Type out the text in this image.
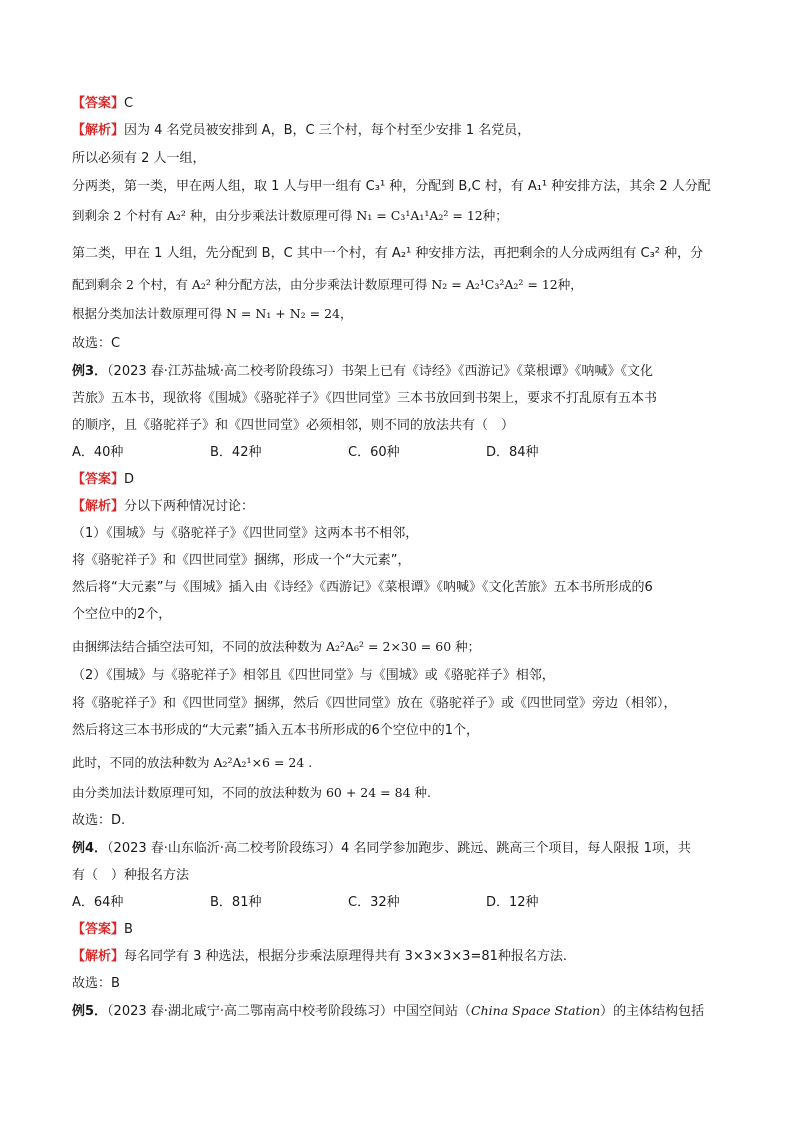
【答案】C
【解析】因为 4 名党员被安排到 A，B，C 三个村，每个村至少安排 1 名党员，
所以必须有 2 人一组，
分两类，第一类，甲在两人组，取 1 人与甲一组有 C₃¹ 种，分配到 B,C 村，有 A₁¹ 种安排方法，其余 2 人分配
到剩余 2 个村有 A₂² 种，由分步乘法计数原理可得 N₁ = C₃¹A₁¹A₂² = 12种；
第二类，甲在 1 人组，先分配到 B，C 其中一个村，有 A₂¹ 种安排方法，再把剩余的人分成两组有 C₃² 种，分
配到剩余 2 个村，有 A₂² 种分配方法，由分步乘法计数原理可得 N₂ = A₂¹C₃²A₂² = 12种，
根据分类加法计数原理可得 N = N₁ + N₂ = 24，
故选：C
例3．（2023 春·江苏盐城·高二校考阶段练习）书架上已有《诗经》《西游记》《菜根谭》《呐喊》《文化
苦旅》五本书，现欲将《围城》《骆驼祥子》《四世同堂》三本书放回到书架上，要求不打乱原有五本书
的顺序，且《骆驼祥子》和《四世同堂》必须相邻，则不同的放法共有（　）
A．40种	B．42种	C．60种	D．84种
【答案】D
【解析】分以下两种情况讨论：
（1）《围城》与《骆驼祥子》《四世同堂》这两本书不相邻，
将《骆驼祥子》和《四世同堂》捆绑，形成一个“大元素”，
然后将“大元素”与《围城》插入由《诗经》《西游记》《菜根谭》《呐喊》《文化苦旅》五本书所形成的6
个空位中的2个，
由捆绑法结合插空法可知，不同的放法种数为 A₂²A₆² = 2×30 = 60 种；
（2）《围城》与《骆驼祥子》相邻且《四世同堂》与《围城》或《骆驼祥子》相邻，
将《骆驼祥子》和《四世同堂》捆绑，然后《四世同堂》放在《骆驼祥子》或《四世同堂》旁边（相邻），
然后将这三本书形成的“大元素”插入五本书所形成的6个空位中的1个，
此时，不同的放法种数为 A₂²A₂¹×6 = 24 .
由分类加法计数原理可知，不同的放法种数为 60 + 24 = 84 种.
故选：D.
例4．（2023 春·山东临沂·高二校考阶段练习）4 名同学参加跑步、跳远、跳高三个项目，每人限报 1项，共
有（　）种报名方法
A．64种	B．81种	C．32种	D．12种
【答案】B
【解析】每名同学有 3 种选法，根据分步乘法原理得共有 3×3×3×3=81种报名方法.
故选：B
例5．（2023 春·湖北咸宁·高二鄂南高中校考阶段练习）中国空间站（China Space Station）的主体结构包括
